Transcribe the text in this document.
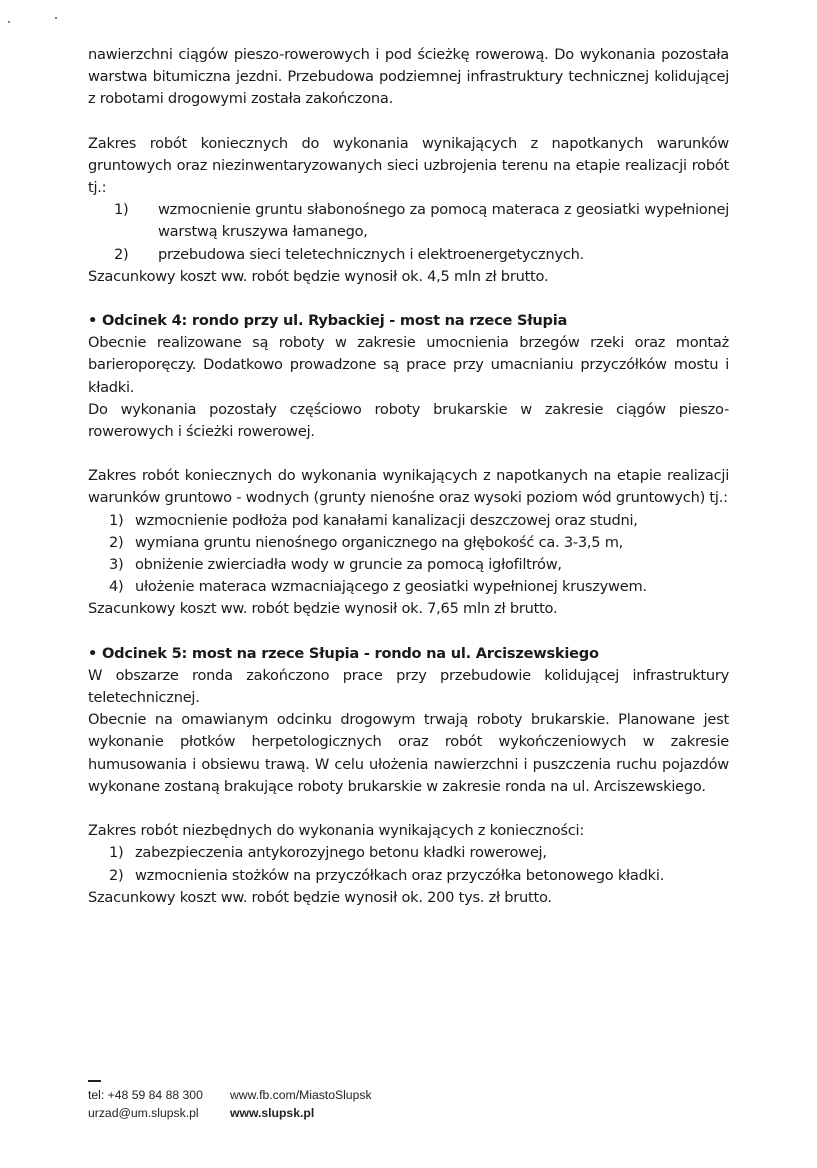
nawierzchni ciągów pieszo-rowerowych i pod ścieżkę rowerową. Do wykonania pozostała warstwa bitumiczna jezdni. Przebudowa podziemnej infrastruktury technicznej kolidującej z robotami drogowymi została zakończona.

Zakres robót koniecznych do wykonania wynikających z napotkanych warunków gruntowych oraz niezinwentaryzowanych sieci uzbrojenia terenu na etapie realizacji robót tj.:

1)	wzmocnienie gruntu słabonośnego za pomocą materaca z geosiatki wypełnionej warstwą kruszywa łamanego,
2)	przebudowa sieci teletechnicznych i elektroenergetycznych.

Szacunkowy koszt ww. robót będzie wynosił ok. 4,5 mln zł brutto.

• Odcinek 4: rondo przy ul. Rybackiej - most na rzece Słupia

Obecnie realizowane są roboty w zakresie umocnienia brzegów rzeki oraz montaż barieroporęczy. Dodatkowo prowadzone są prace przy umacnianiu przyczółków mostu i kładki.

Do wykonania pozostały częściowo roboty brukarskie w zakresie ciągów pieszo-rowerowych i ścieżki rowerowej.

Zakres robót koniecznych do wykonania wynikających z napotkanych na etapie realizacji warunków gruntowo - wodnych (grunty nienośne oraz wysoki poziom wód gruntowych) tj.:

1) wzmocnienie podłoża pod kanałami kanalizacji deszczowej oraz studni,
2) wymiana gruntu nienośnego organicznego na głębokość ca. 3-3,5 m,
3) obniżenie zwierciadła wody w gruncie za pomocą igłofiltrów,
4) ułożenie materaca wzmacniającego z geosiatki wypełnionej kruszywem.

Szacunkowy koszt ww. robót będzie wynosił ok. 7,65 mln zł brutto.

• Odcinek 5: most na rzece Słupia - rondo na ul. Arciszewskiego

W obszarze ronda zakończono prace przy przebudowie kolidującej infrastruktury teletechnicznej.

Obecnie na omawianym odcinku drogowym trwają roboty brukarskie. Planowane jest wykonanie płotków herpetologicznych oraz robót wykończeniowych w zakresie humusowania i obsiewu trawą. W celu ułożenia nawierzchni i puszczenia ruchu pojazdów wykonane zostaną brakujące roboty brukarskie w zakresie ronda na ul. Arciszewskiego.

Zakres robót niezbędnych do wykonania wynikających z konieczności:

1) zabezpieczenia antykorozyjnego betonu kładki rowerowej,
2) wzmocnienia stożków na przyczółkach oraz przyczółka betonowego kładki.

Szacunkowy koszt ww. robót będzie wynosił ok. 200 tys. zł brutto.

tel: +48 59 84 88 300	www.fb.com/MiastoSlupsk
urzad@um.slupsk.pl	www.slupsk.pl
